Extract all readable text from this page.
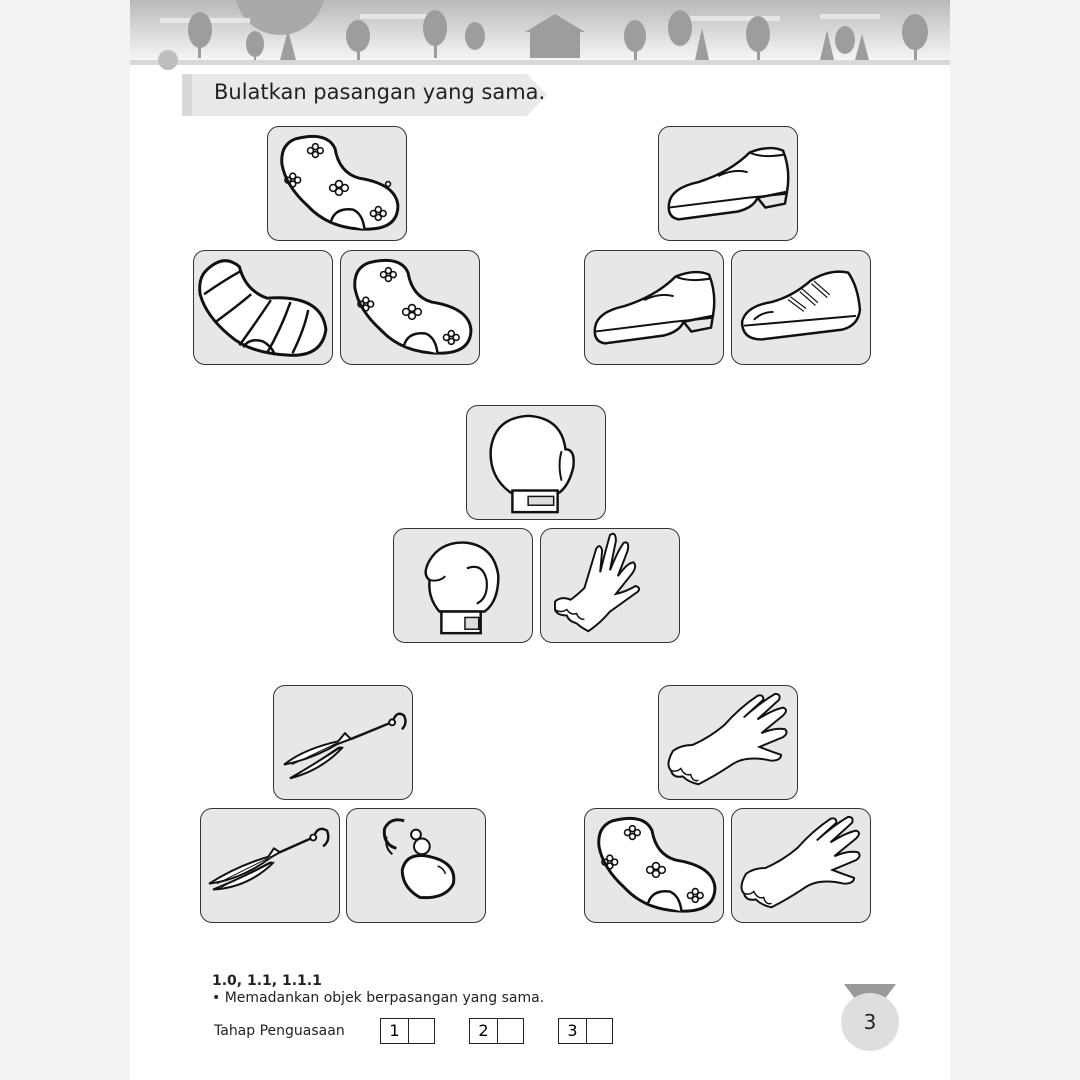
Bulatkan pasangan yang sama.
1.0, 1.1, 1.1.1
• Memadankan objek berpasangan yang sama.
Tahap Penguasaan	1	2	3	3
